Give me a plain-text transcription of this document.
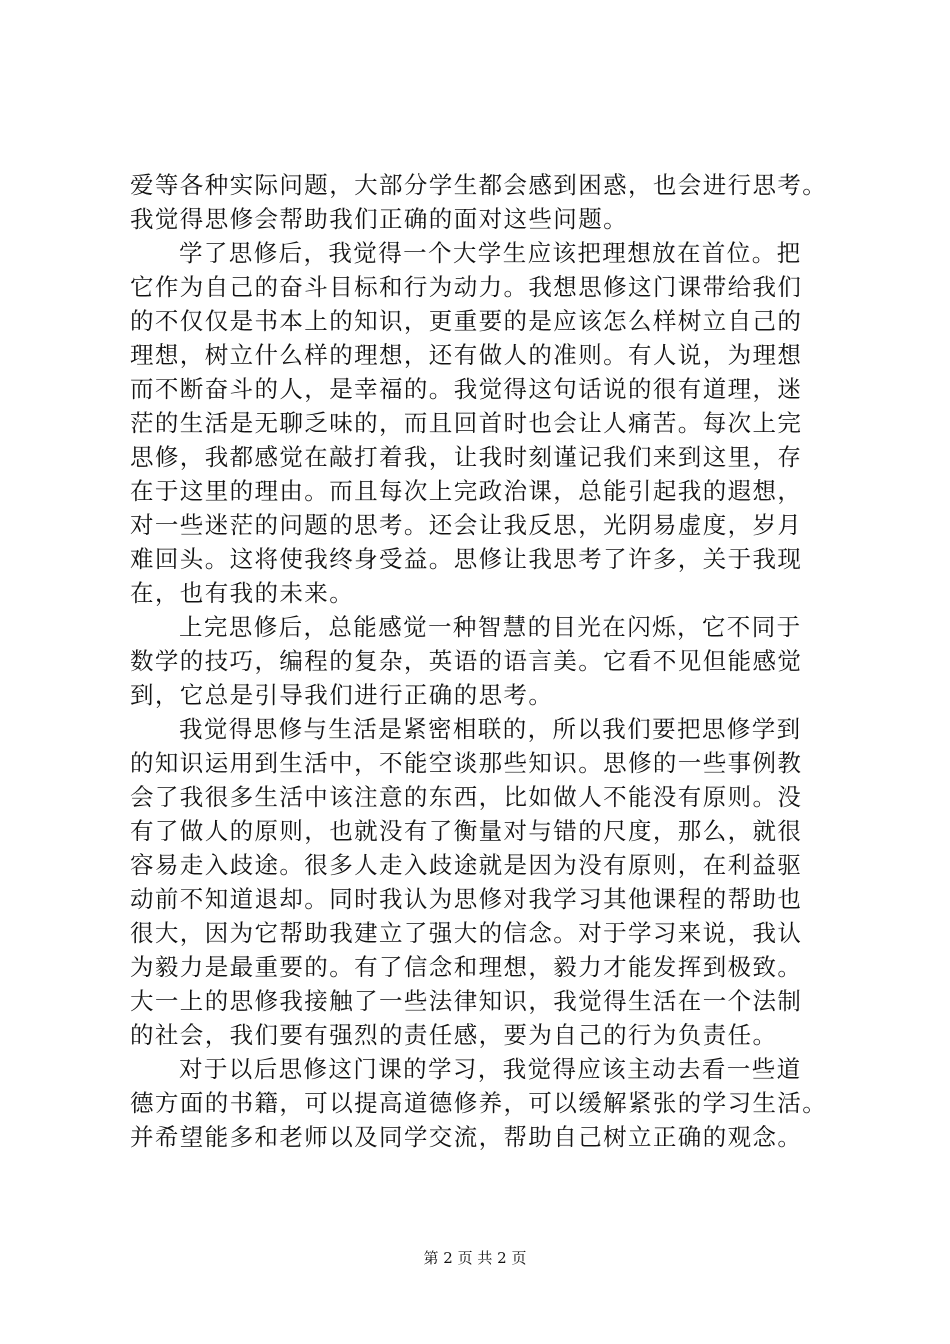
爱等各种实际问题，大部分学生都会感到困惑，也会进行思考。
我觉得思修会帮助我们正确的面对这些问题。
学了思修后，我觉得一个大学生应该把理想放在首位。把
它作为自己的奋斗目标和行为动力。我想思修这门课带给我们
的不仅仅是书本上的知识，更重要的是应该怎么样树立自己的
理想，树立什么样的理想，还有做人的准则。有人说，为理想
而不断奋斗的人，是幸福的。我觉得这句话说的很有道理，迷
茫的生活是无聊乏味的，而且回首时也会让人痛苦。每次上完
思修，我都感觉在敲打着我，让我时刻谨记我们来到这里，存
在于这里的理由。而且每次上完政治课，总能引起我的遐想，
对一些迷茫的问题的思考。还会让我反思，光阴易虚度，岁月
难回头。这将使我终身受益。思修让我思考了许多，关于我现
在，也有我的未来。
上完思修后，总能感觉一种智慧的目光在闪烁，它不同于
数学的技巧，编程的复杂，英语的语言美。它看不见但能感觉
到，它总是引导我们进行正确的思考。
我觉得思修与生活是紧密相联的，所以我们要把思修学到
的知识运用到生活中，不能空谈那些知识。思修的一些事例教
会了我很多生活中该注意的东西，比如做人不能没有原则。没
有了做人的原则，也就没有了衡量对与错的尺度，那么，就很
容易走入歧途。很多人走入歧途就是因为没有原则，在利益驱
动前不知道退却。同时我认为思修对我学习其他课程的帮助也
很大，因为它帮助我建立了强大的信念。对于学习来说，我认
为毅力是最重要的。有了信念和理想，毅力才能发挥到极致。
大一上的思修我接触了一些法律知识，我觉得生活在一个法制
的社会，我们要有强烈的责任感，要为自己的行为负责任。
对于以后思修这门课的学习，我觉得应该主动去看一些道
德方面的书籍，可以提高道德修养，可以缓解紧张的学习生活。
并希望能多和老师以及同学交流，帮助自己树立正确的观念。
第 2 页 共 2 页
